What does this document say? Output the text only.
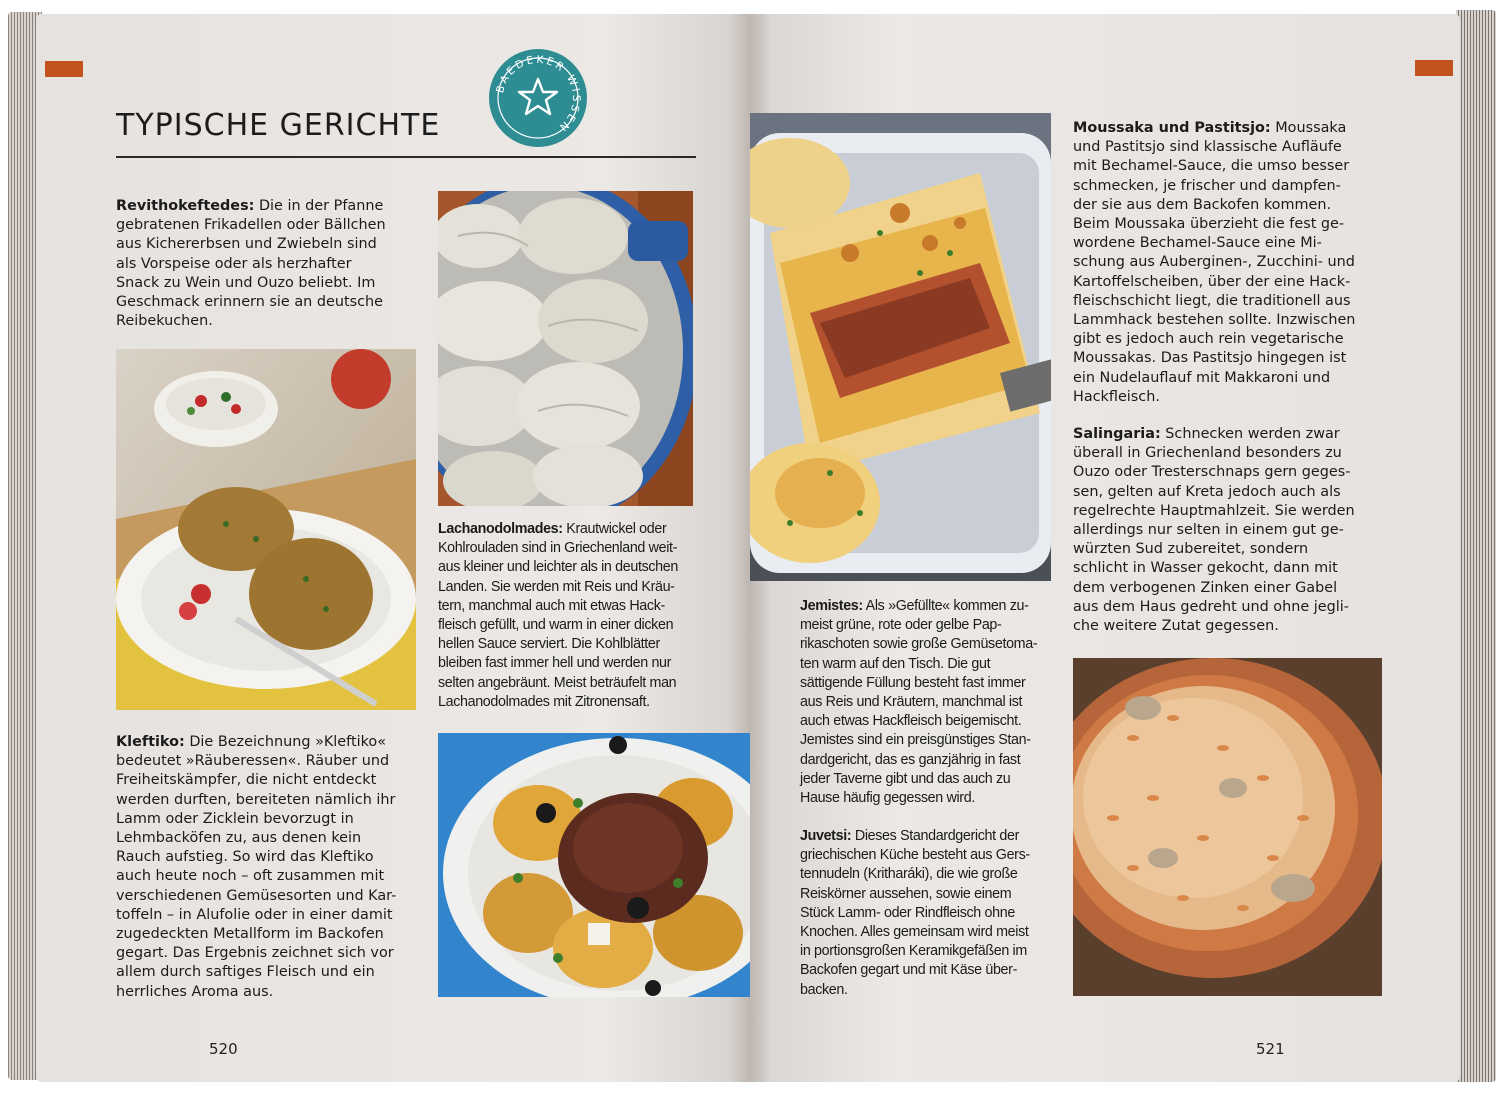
TYPISCHE GERICHTE
BAEDEKER WISSEN

Revithokeftedes: Die in der Pfanne
gebratenen Frikadellen oder Bällchen
aus Kichererbsen und Zwiebeln sind
als Vorspeise oder als herzhafter
Snack zu Wein und Ouzo beliebt. Im
Geschmack erinnern sie an deutsche
Reibekuchen.

Lachanodolmades: Krautwickel oder
Kohlrouladen sind in Griechenland weit-
aus kleiner und leichter als in deutschen
Landen. Sie werden mit Reis und Kräu-
tern, manchmal auch mit etwas Hack-
fleisch gefüllt, und warm in einer dicken
hellen Sauce serviert. Die Kohlblätter
bleiben fast immer hell und werden nur
selten angebräunt. Meist beträufelt man
Lachanodolmades mit Zitronensaft.

Kleftiko: Die Bezeichnung »Kleftiko«
bedeutet »Räuberessen«. Räuber und
Freiheitskämpfer, die nicht entdeckt
werden durften, bereiteten nämlich ihr
Lamm oder Zicklein bevorzugt in
Lehmbacköfen zu, aus denen kein
Rauch aufstieg. So wird das Kleftiko
auch heute noch – oft zusammen mit
verschiedenen Gemüsesorten und Kar-
toffeln – in Alufolie oder in einer damit
zugedeckten Metallform im Backofen
gegart. Das Ergebnis zeichnet sich vor
allem durch saftiges Fleisch und ein
herrliches Aroma aus.

520

Jemistes: Als »Gefüllte« kommen zu-
meist grüne, rote oder gelbe Pap-
rikaschoten sowie große Gemüsetoma-
ten warm auf den Tisch. Die gut
sättigende Füllung besteht fast immer
aus Reis und Kräutern, manchmal ist
auch etwas Hackfleisch beigemischt.
Jemistes sind ein preisgünstiges Stan-
dardgericht, das es ganzjährig in fast
jeder Taverne gibt und das auch zu
Hause häufig gegessen wird.

Juvetsi: Dieses Standardgericht der
griechischen Küche besteht aus Gers-
tennudeln (Kritharáki), die wie große
Reiskörner aussehen, sowie einem
Stück Lamm- oder Rindfleisch ohne
Knochen. Alles gemeinsam wird meist
in portionsgroßen Keramikgefäßen im
Backofen gegart und mit Käse über-
backen.

Moussaka und Pastitsjo: Moussaka
und Pastitsjo sind klassische Aufläufe
mit Bechamel-Sauce, die umso besser
schmecken, je frischer und dampfen-
der sie aus dem Backofen kommen.
Beim Moussaka überzieht die fest ge-
wordene Bechamel-Sauce eine Mi-
schung aus Auberginen-, Zucchini- und
Kartoffelscheiben, über der eine Hack-
fleischschicht liegt, die traditionell aus
Lammhack bestehen sollte. Inzwischen
gibt es jedoch auch rein vegetarische
Moussakas. Das Pastitsjo hingegen ist
ein Nudelauflauf mit Makkaroni und
Hackfleisch.

Salingaria: Schnecken werden zwar
überall in Griechenland besonders zu
Ouzo oder Tresterschnaps gern geges-
sen, gelten auf Kreta jedoch auch als
regelrechte Hauptmahlzeit. Sie werden
allerdings nur selten in einem gut ge-
würzten Sud zubereitet, sondern
schlicht in Wasser gekocht, dann mit
dem verbogenen Zinken einer Gabel
aus dem Haus gedreht und ohne jegli-
che weitere Zutat gegessen.

521
